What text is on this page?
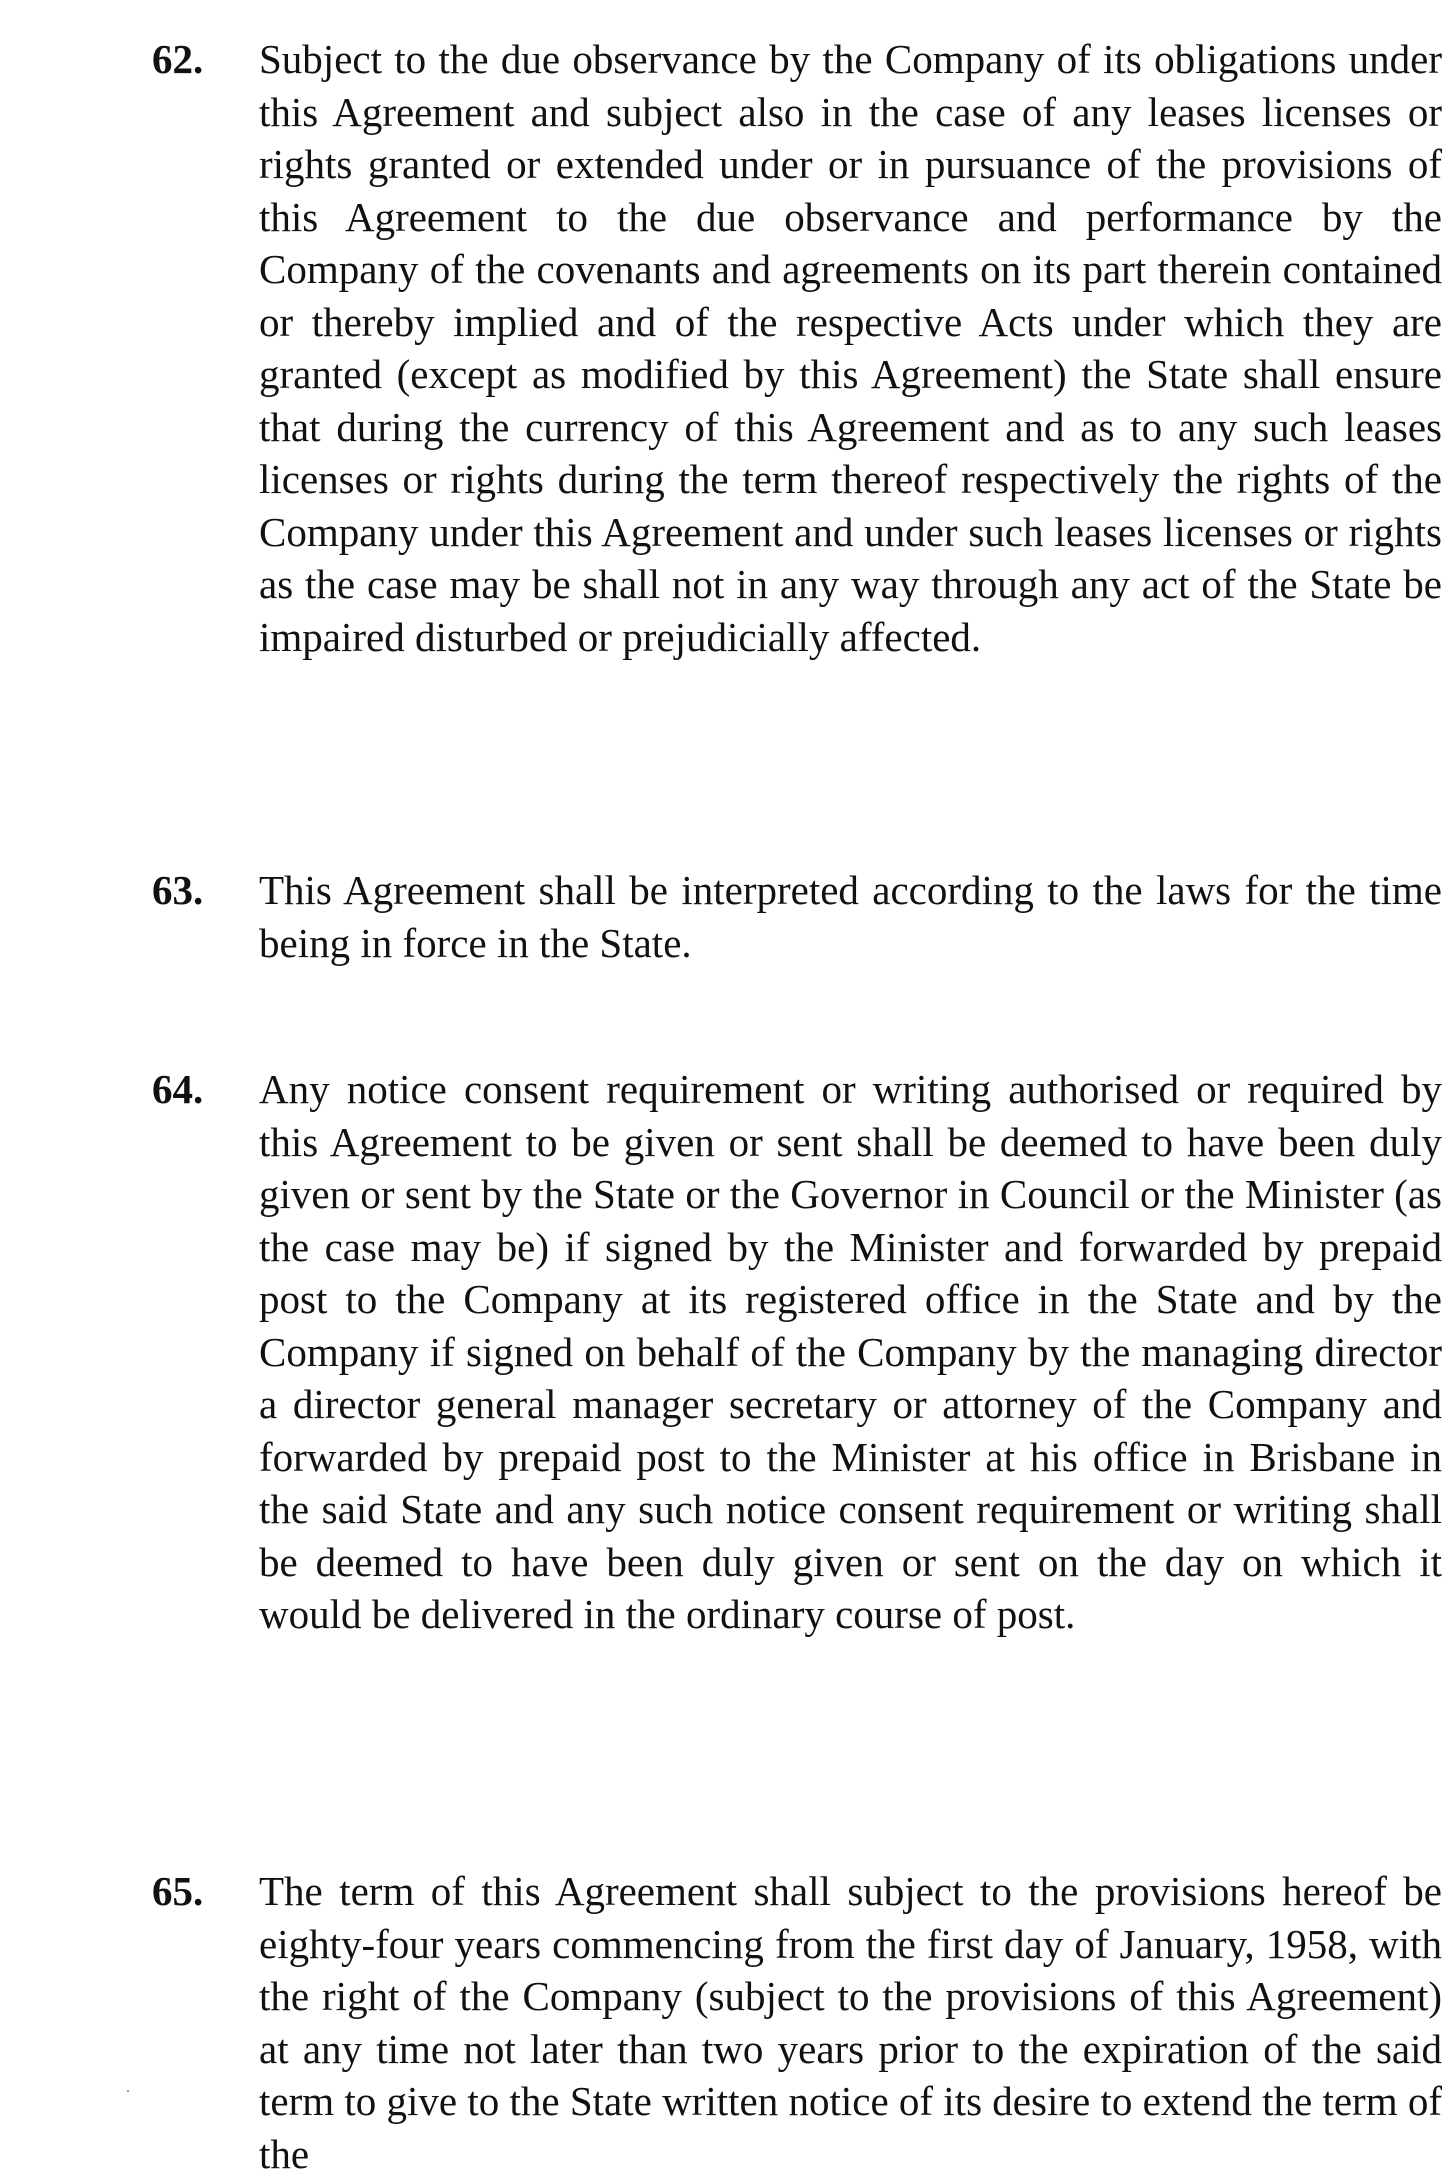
62.	Subject to the due observance by the Company of its obligations under this Agreement and subject also in the case of any leases licenses or rights granted or extended under or in pursuance of the provisions of this Agreement to the due observance and performance by the Company of the covenants and agreements on its part therein contained or thereby implied and of the respective Acts under which they are granted (except as modified by this Agreement) the State shall ensure that during the currency of this Agreement and as to any such leases licenses or rights during the term thereof respectively the rights of the Company under this Agreement and under such leases licenses or rights as the case may be shall not in any way through any act of the State be impaired disturbed or prejudicially affected.
63.	This Agreement shall be interpreted according to the laws for the time being in force in the State.
64.	Any notice consent requirement or writing authorised or required by this Agreement to be given or sent shall be deemed to have been duly given or sent by the State or the Governor in Council or the Minister (as the case may be) if signed by the Minister and forwarded by prepaid post to the Company at its registered office in the State and by the Company if signed on behalf of the Company by the managing director a director general manager secretary or attorney of the Company and forwarded by prepaid post to the Minister at his office in Brisbane in the said State and any such notice consent requirement or writing shall be deemed to have been duly given or sent on the day on which it would be delivered in the ordinary course of post.
65.	The term of this Agreement shall subject to the provisions hereof be eighty-four years commencing from the first day of January, 1958, with the right of the Company (subject to the provisions of this Agreement) at any time not later than two years prior to the expiration of the said term to give to the State written notice of its desire to extend the term of the
